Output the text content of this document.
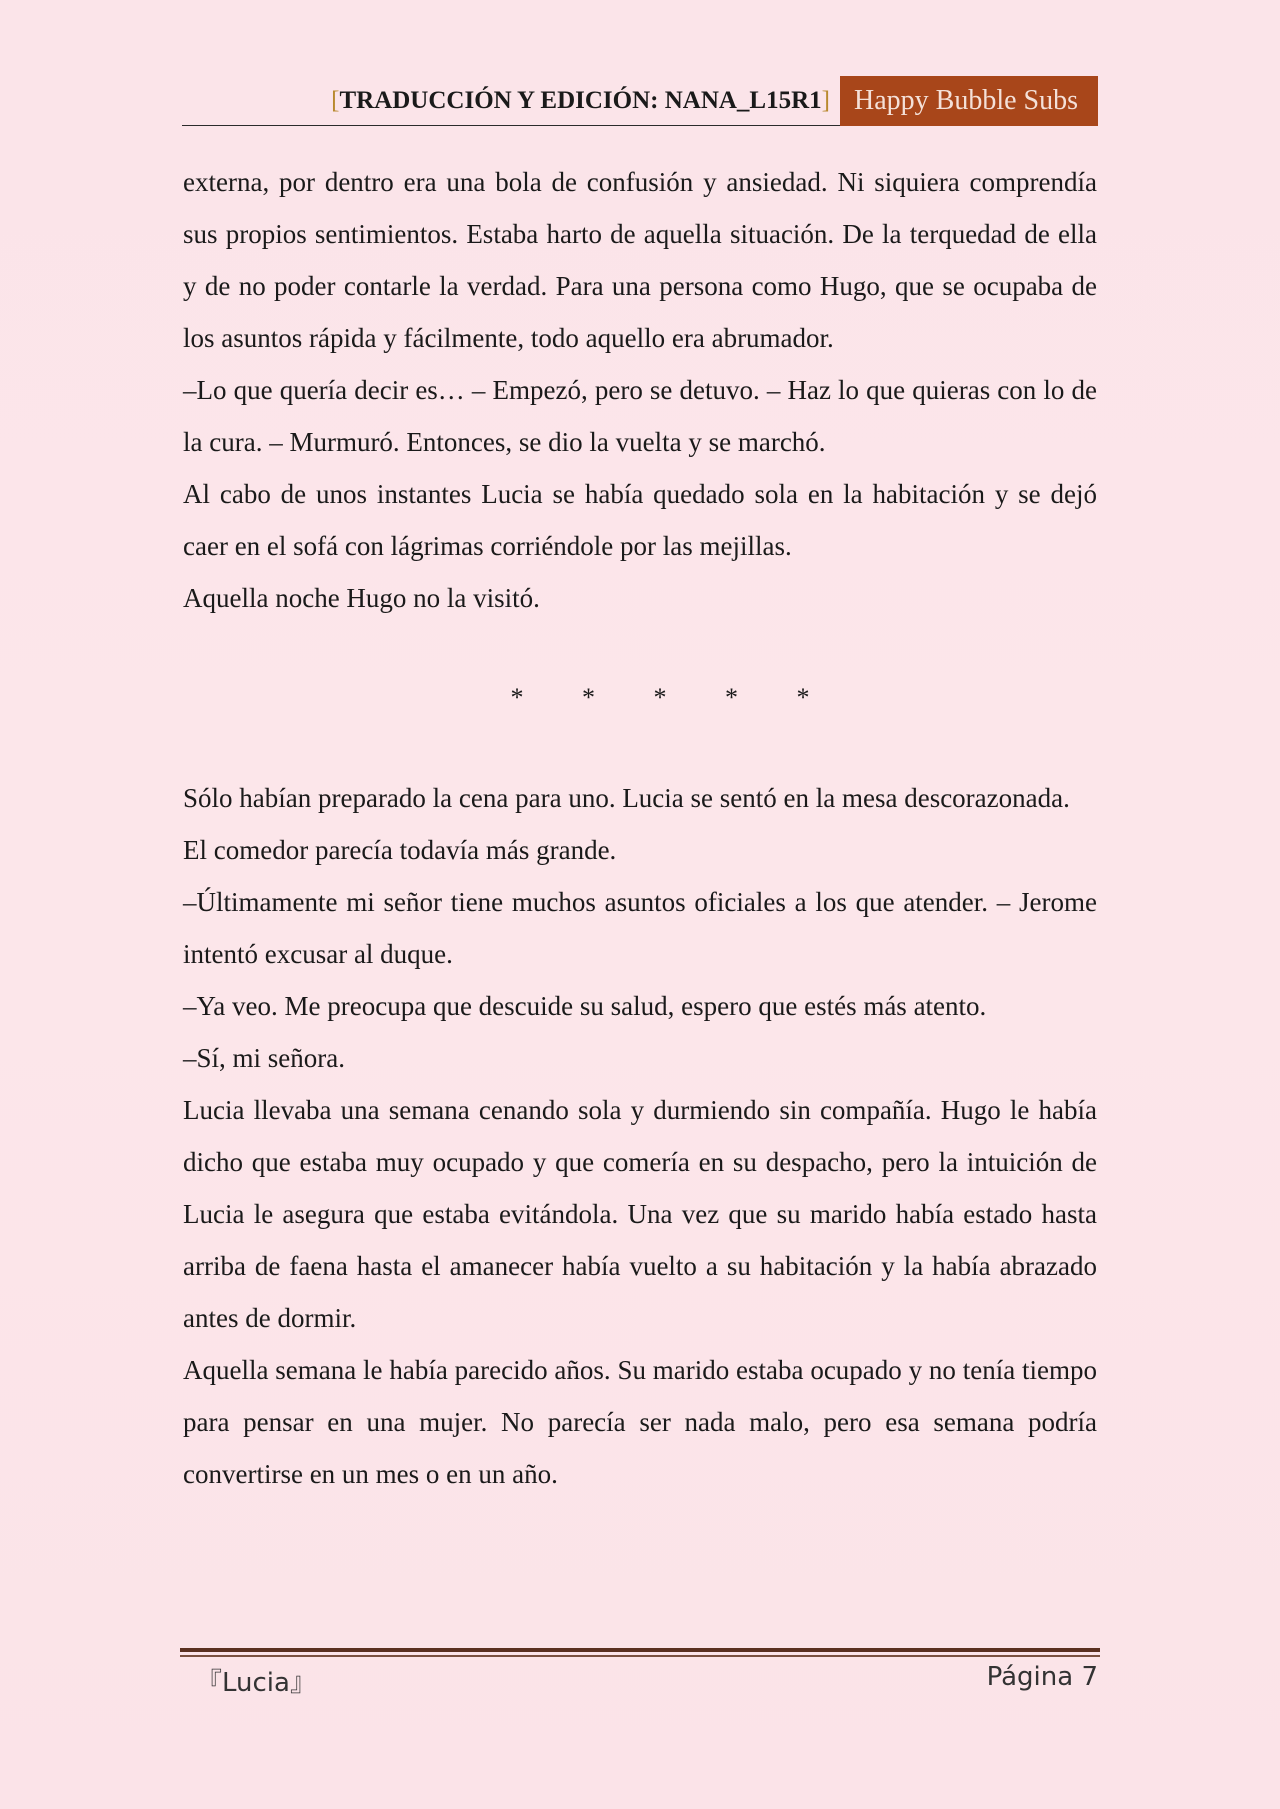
[TRADUCCIÓN Y EDICIÓN: NANA_L15R1] Happy Bubble Subs

externa, por dentro era una bola de confusión y ansiedad. Ni siquiera comprendía sus propios sentimientos. Estaba harto de aquella situación. De la terquedad de ella y de no poder contarle la verdad. Para una persona como Hugo, que se ocupaba de los asuntos rápida y fácilmente, todo aquello era abrumador.

–Lo que quería decir es… – Empezó, pero se detuvo. – Haz lo que quieras con lo de la cura. – Murmuró. Entonces, se dio la vuelta y se marchó.

Al cabo de unos instantes Lucia se había quedado sola en la habitación y se dejó caer en el sofá con lágrimas corriéndole por las mejillas.

Aquella noche Hugo no la visitó.

* * * * *

Sólo habían preparado la cena para uno. Lucia se sentó en la mesa descorazonada.

El comedor parecía todavía más grande.

–Últimamente mi señor tiene muchos asuntos oficiales a los que atender. – Jerome intentó excusar al duque.

–Ya veo. Me preocupa que descuide su salud, espero que estés más atento.

–Sí, mi señora.

Lucia llevaba una semana cenando sola y durmiendo sin compañía. Hugo le había dicho que estaba muy ocupado y que comería en su despacho, pero la intuición de Lucia le asegura que estaba evitándola. Una vez que su marido había estado hasta arriba de faena hasta el amanecer había vuelto a su habitación y la había abrazado antes de dormir.

Aquella semana le había parecido años. Su marido estaba ocupado y no tenía tiempo para pensar en una mujer. No parecía ser nada malo, pero esa semana podría convertirse en un mes o en un año.

『Lucia』	Página 7
